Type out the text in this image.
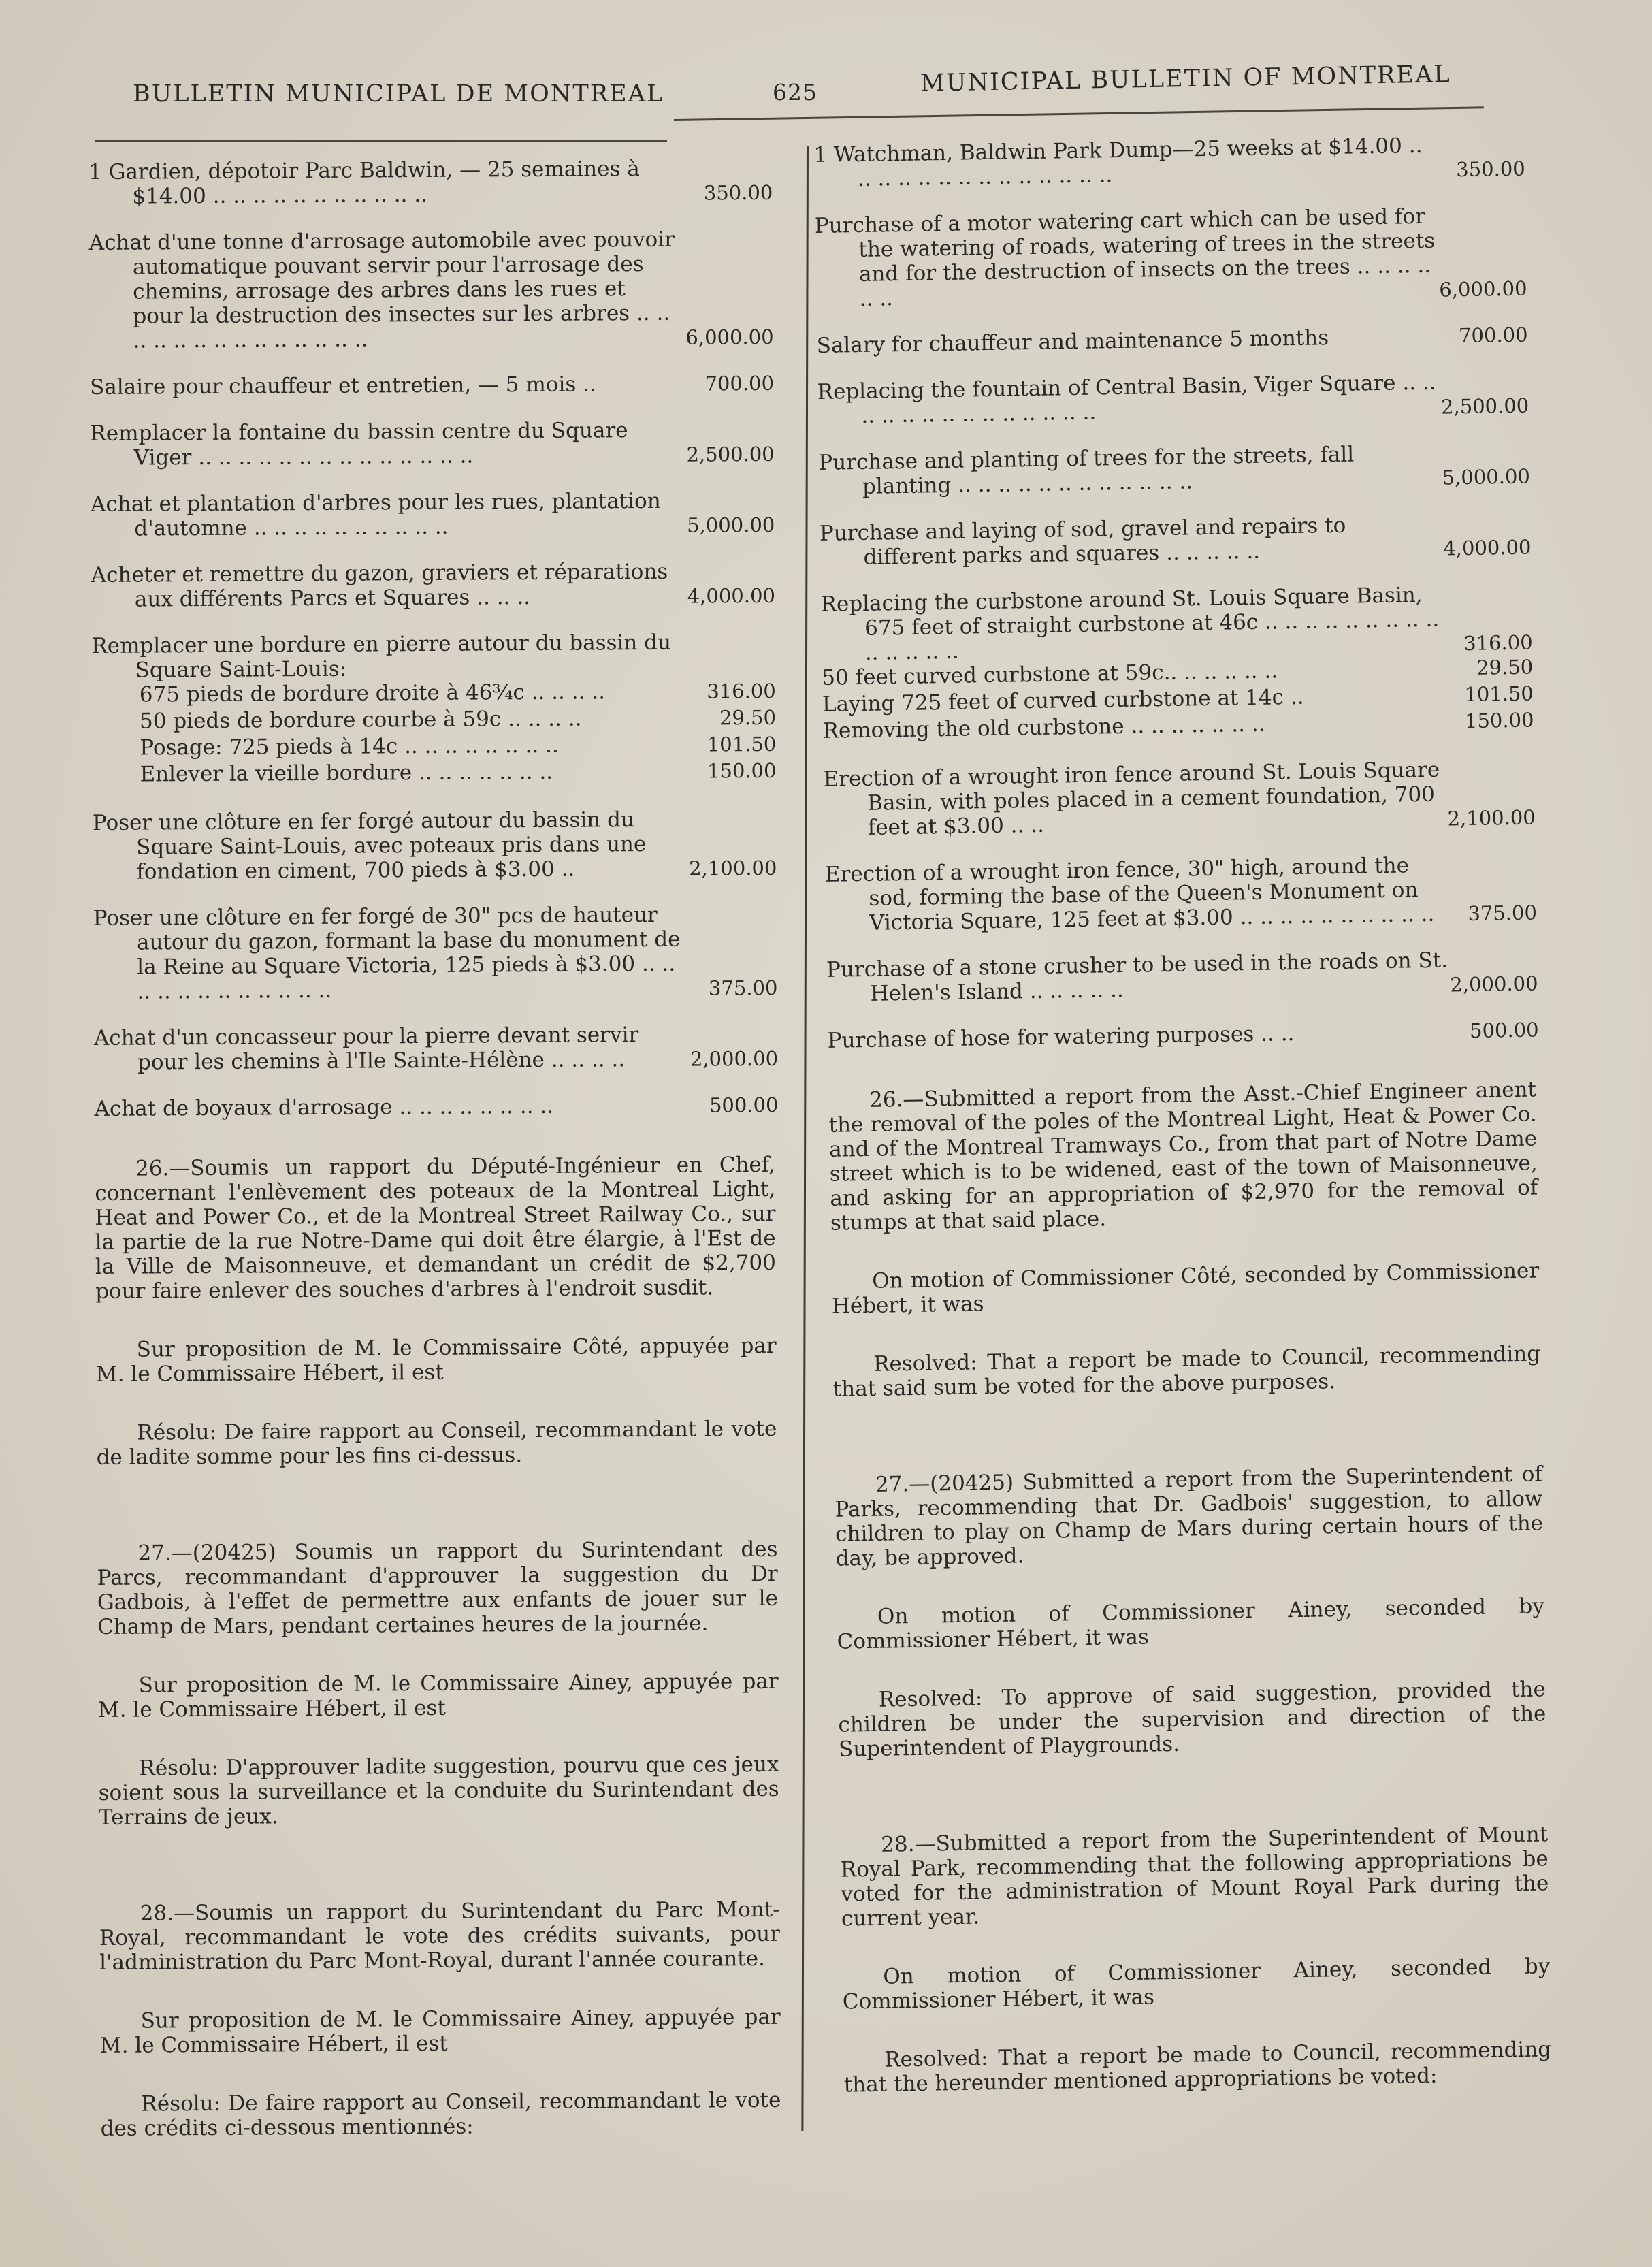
BULLETIN MUNICIPAL DE MONTREAL	625	MUNICIPAL BULLETIN OF MONTREAL
1 Gardien, dépotoir Parc Baldwin, — 25 semaines à $14.00 .. .. .. .. .. .. .. .. .. .. ..	350.00
Achat d'une tonne d'arrosage automobile avec pouvoir automatique pouvant servir pour l'arrosage des chemins, arrosage des arbres dans les rues et pour la destruction des insectes sur les arbres .. .. .. .. .. .. .. .. .. .. .. .. .. ..	6,000.00
Salaire pour chauffeur et entretien, — 5 mois ..	700.00
Remplacer la fontaine du bassin centre du Square Viger .. .. .. .. .. .. .. .. .. .. .. .. .. ..	2,500.00
Achat et plantation d'arbres pour les rues, plantation d'automne .. .. .. .. .. .. .. .. .. ..	5,000.00
Acheter et remettre du gazon, graviers et réparations aux différents Parcs et Squares .. .. ..	4,000.00
Remplacer une bordure en pierre autour du bassin du Square Saint-Louis:
675 pieds de bordure droite à 46¾c .. .. .. ..	316.00
50 pieds de bordure courbe à 59c .. .. .. ..	29.50
Posage: 725 pieds à 14c .. .. .. .. .. .. .. ..	101.50
Enlever la vieille bordure .. .. .. .. .. .. ..	150.00
Poser une clôture en fer forgé autour du bassin du Square Saint-Louis, avec poteaux pris dans une fondation en ciment, 700 pieds à $3.00 ..	2,100.00
Poser une clôture en fer forgé de 30" pcs de hauteur autour du gazon, formant la base du monument de la Reine au Square Victoria, 125 pieds à $3.00 .. .. .. .. .. .. .. .. .. .. .. ..	375.00
Achat d'un concasseur pour la pierre devant servir pour les chemins à l'Ile Sainte-Hélène .. .. .. ..	2,000.00
Achat de boyaux d'arrosage .. .. .. .. .. .. .. ..	500.00
26.—Soumis un rapport du Député-Ingénieur en Chef, concernant l'enlèvement des poteaux de la Montreal Light, Heat and Power Co., et de la Montreal Street Railway Co., sur la partie de la rue Notre-Dame qui doit être élargie, à l'Est de la Ville de Maisonneuve, et demandant un crédit de $2,700 pour faire enlever des souches d'arbres à l'endroit susdit.
Sur proposition de M. le Commissaire Côté, appuyée par M. le Commissaire Hébert, il est
Résolu: De faire rapport au Conseil, recommandant le vote de ladite somme pour les fins ci-dessus.
27.—(20425) Soumis un rapport du Surintendant des Parcs, recommandant d'approuver la suggestion du Dr Gadbois, à l'effet de permettre aux enfants de jouer sur le Champ de Mars, pendant certaines heures de la journée.
Sur proposition de M. le Commissaire Ainey, appuyée par M. le Commissaire Hébert, il est
Résolu: D'approuver ladite suggestion, pourvu que ces jeux soient sous la surveillance et la conduite du Surintendant des Terrains de jeux.
28.—Soumis un rapport du Surintendant du Parc Mont-Royal, recommandant le vote des crédits suivants, pour l'administration du Parc Mont-Royal, durant l'année courante.
Sur proposition de M. le Commissaire Ainey, appuyée par M. le Commissaire Hébert, il est
Résolu: De faire rapport au Conseil, recommandant le vote des crédits ci-dessous mentionnés:
1 Watchman, Baldwin Park Dump—25 weeks at $14.00 .. .. .. .. .. .. .. .. .. .. .. .. .. ..	350.00
Purchase of a motor watering cart which can be used for the watering of roads, watering of trees in the streets and for the destruction of insects on the trees .. .. .. .. .. ..	6,000.00
Salary for chauffeur and maintenance 5 months	700.00
Replacing the fountain of Central Basin, Viger Square .. .. .. .. .. .. .. .. .. .. .. .. .. ..	2,500.00
Purchase and planting of trees for the streets, fall planting .. .. .. .. .. .. .. .. .. .. .. ..	5,000.00
Purchase and laying of sod, gravel and repairs to different parks and squares .. .. .. .. ..	4,000.00
Replacing the curbstone around St. Louis Square Basin, 675 feet of straight curbstone at 46c .. .. .. .. .. .. .. .. .. .. .. .. .. ..	316.00
50 feet curved curbstone at 59c.. .. .. .. .. ..	29.50
Laying 725 feet of curved curbstone at 14c ..	101.50
Removing the old curbstone .. .. .. .. .. .. ..	150.00
Erection of a wrought iron fence around St. Louis Square Basin, with poles placed in a cement foundation, 700 feet at $3.00 .. ..	2,100.00
Erection of a wrought iron fence, 30" high, around the sod, forming the base of the Queen's Monument on Victoria Square, 125 feet at $3.00 .. .. .. .. .. .. .. .. .. ..	375.00
Purchase of a stone crusher to be used in the roads on St. Helen's Island .. .. .. .. ..	2,000.00
Purchase of hose for watering purposes .. ..	500.00
26.—Submitted a report from the Asst.-Chief Engineer anent the removal of the poles of the Montreal Light, Heat & Power Co. and of the Montreal Tramways Co., from that part of Notre Dame street which is to be widened, east of the town of Maisonneuve, and asking for an appropriation of $2,970 for the removal of stumps at that said place.
On motion of Commissioner Côté, seconded by Commissioner Hébert, it was
Resolved: That a report be made to Council, recommending that said sum be voted for the above purposes.
27.—(20425) Submitted a report from the Superintendent of Parks, recommending that Dr. Gadbois' suggestion, to allow children to play on Champ de Mars during certain hours of the day, be approved.
On motion of Commissioner Ainey, seconded by Commissioner Hébert, it was
Resolved: To approve of said suggestion, provided the children be under the supervision and direction of the Superintendent of Playgrounds.
28.—Submitted a report from the Superintendent of Mount Royal Park, recommending that the following appropriations be voted for the administration of Mount Royal Park during the current year.
On motion of Commissioner Ainey, seconded by Commissioner Hébert, it was
Resolved: That a report be made to Council, recommending that the hereunder mentioned appropriations be voted:
